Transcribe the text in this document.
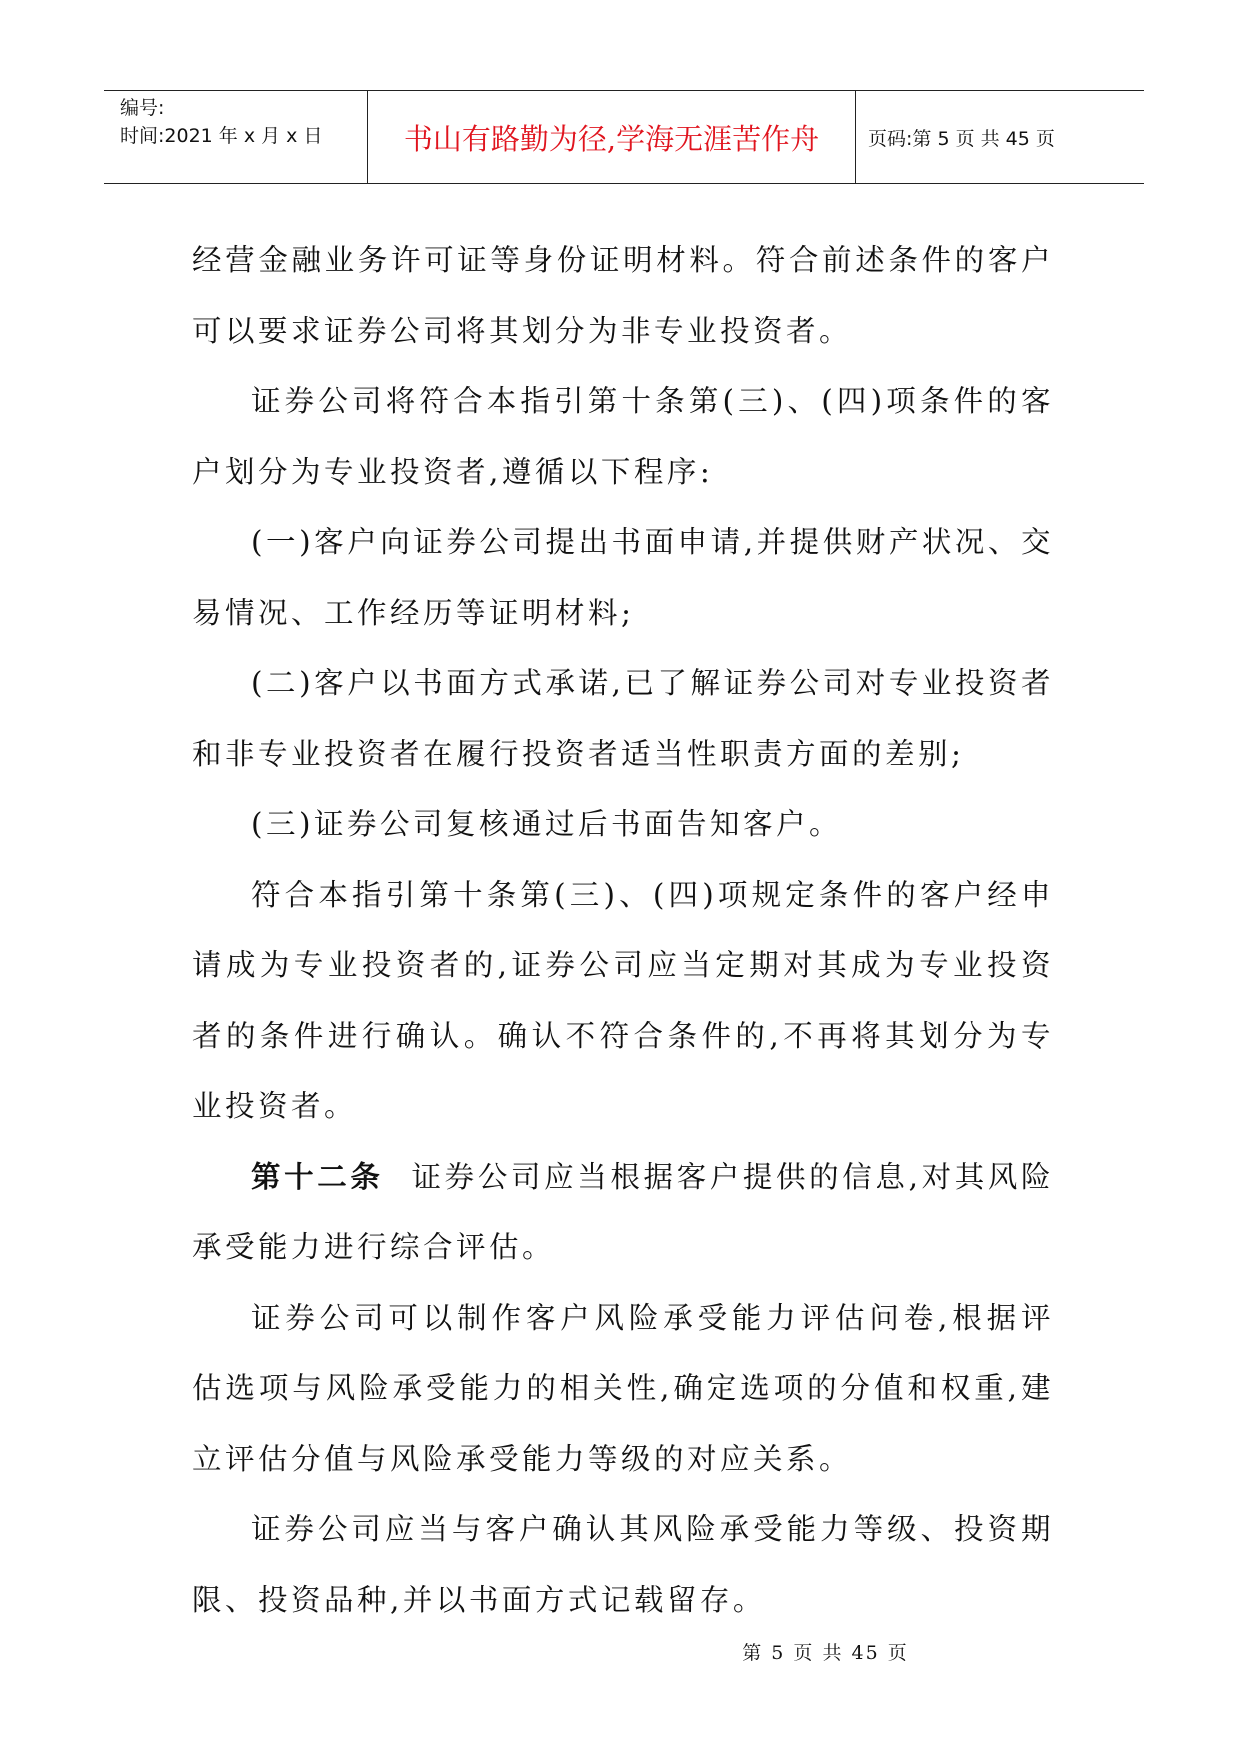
编号:
时间:2021 年 x 月 x 日	书山有路勤为径,学海无涯苦作舟	页码:第 5 页 共 45 页

经营金融业务许可证等身份证明材料。符合前述条件的客户可以要求证券公司将其划分为非专业投资者。

证券公司将符合本指引第十条第(三)、(四)项条件的客户划分为专业投资者,遵循以下程序:

(一)客户向证券公司提出书面申请,并提供财产状况、交易情况、工作经历等证明材料;

(二)客户以书面方式承诺,已了解证券公司对专业投资者和非专业投资者在履行投资者适当性职责方面的差别;

(三)证券公司复核通过后书面告知客户。

符合本指引第十条第(三)、(四)项规定条件的客户经申请成为专业投资者的,证券公司应当定期对其成为专业投资者的条件进行确认。确认不符合条件的,不再将其划分为专业投资者。

第十二条 证券公司应当根据客户提供的信息,对其风险承受能力进行综合评估。

证券公司可以制作客户风险承受能力评估问卷,根据评估选项与风险承受能力的相关性,确定选项的分值和权重,建立评估分值与风险承受能力等级的对应关系。

证券公司应当与客户确认其风险承受能力等级、投资期限、投资品种,并以书面方式记载留存。

第 5 页 共 45 页
